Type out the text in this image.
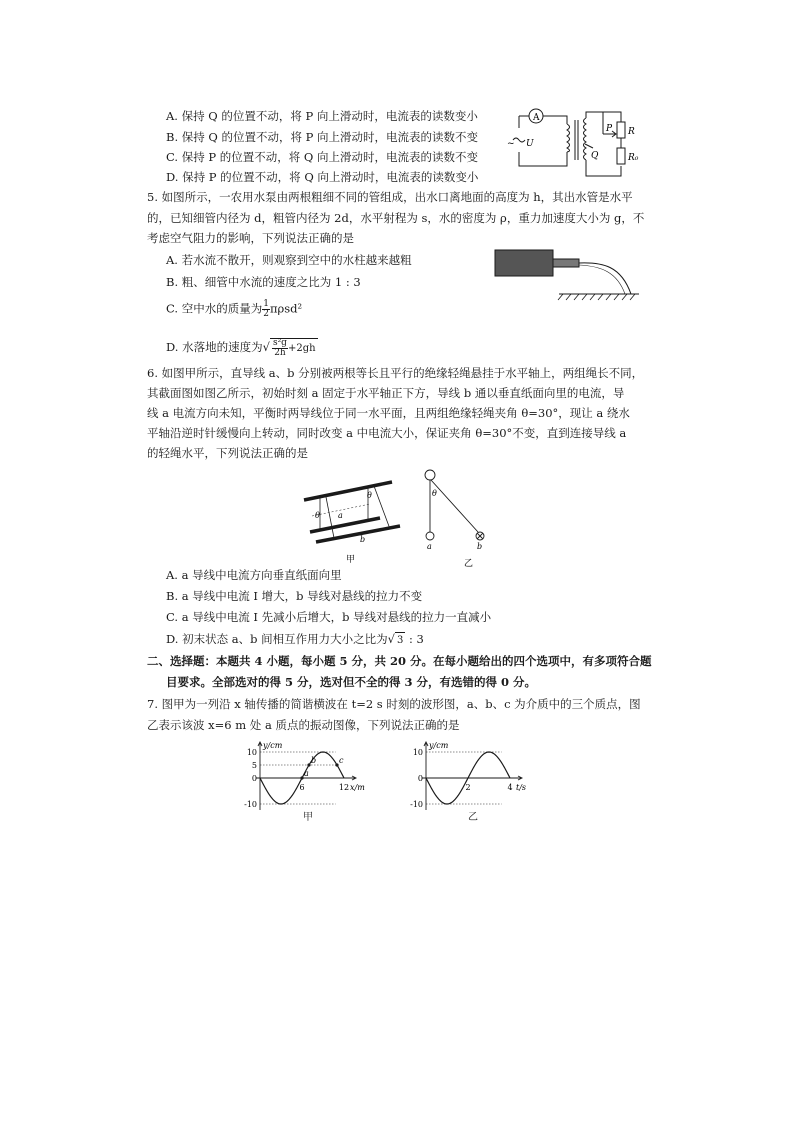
A. 保持 Q 的位置不动，将 P 向上滑动时，电流表的读数变小
B. 保持 Q 的位置不动，将 P 向上滑动时，电流表的读数不变
C. 保持 P 的位置不动，将 Q 向上滑动时，电流表的读数不变
D. 保持 P 的位置不动，将 Q 向上滑动时，电流表的读数变小
A
~ U
Q
P R
R₀
5. 如图所示，一农用水泵由两根粗细不同的管组成，出水口离地面的高度为 h，其出水管是水平
的，已知细管内径为 d，粗管内径为 2d，水平射程为 s，水的密度为 ρ，重力加速度大小为 g，不
考虑空气阻力的影响，下列说法正确的是
A. 若水流不散开，则观察到空中的水柱越来越粗
B. 粗、细管中水流的速度之比为 1 : 3
C. 空中水的质量为 $\frac{1}{2} \pi\rho sd^2$
D. 水落地的速度为√ $\frac{\text{s²g}}{2h} +2gh$
6. 如图甲所示，直导线 a、b 分别被两根等长且平行的绝缘轻绳悬挂于水平轴上，两组绳长不同，
其截面图如图乙所示，初始时刻 a 固定于水平轴正下方，导线 b 通以垂直纸面向里的电流，导
线 a 电流方向未知，平衡时两导线位于同一水平面，且两组绝缘轻绳夹角 θ=30°，现让 a 绕水
平轴沿逆时针缓慢向上转动，同时改变 a 中电流大小，保证夹角 θ=30°不变，直到连接导线 a
的轻绳水平，下列说法正确的是
θ
θ
a
b
甲
θ
a	b
乙
A. a 导线中电流方向垂直纸面向里
B. a 导线中电流 I 增大，b 导线对悬线的拉力不变
C. a 导线中电流 I 先减小后增大，b 导线对悬线的拉力一直减小
D. 初末状态 a、b 间相互作用力大小之比为√ 3 : 3
二、选择题：本题共 4 小题，每小题 5 分，共 20 分。在每小题给出的四个选项中，有多项符合题
目要求。全部选对的得 5 分，选对但不全的得 3 分，有选错的得 0 分。
7. 图甲为一列沿 x 轴传播的简谐横波在 t=2 s 时刻的波形图，a、b、c 为介质中的三个质点，图
乙表示该波 x=6 m 处 a 质点的振动图像，下列说法正确的是
a
b	c
10
5
0
-10
6	12
y/cm
x/m
甲
10
0
-10
2	4
y/cm
t/s
乙
